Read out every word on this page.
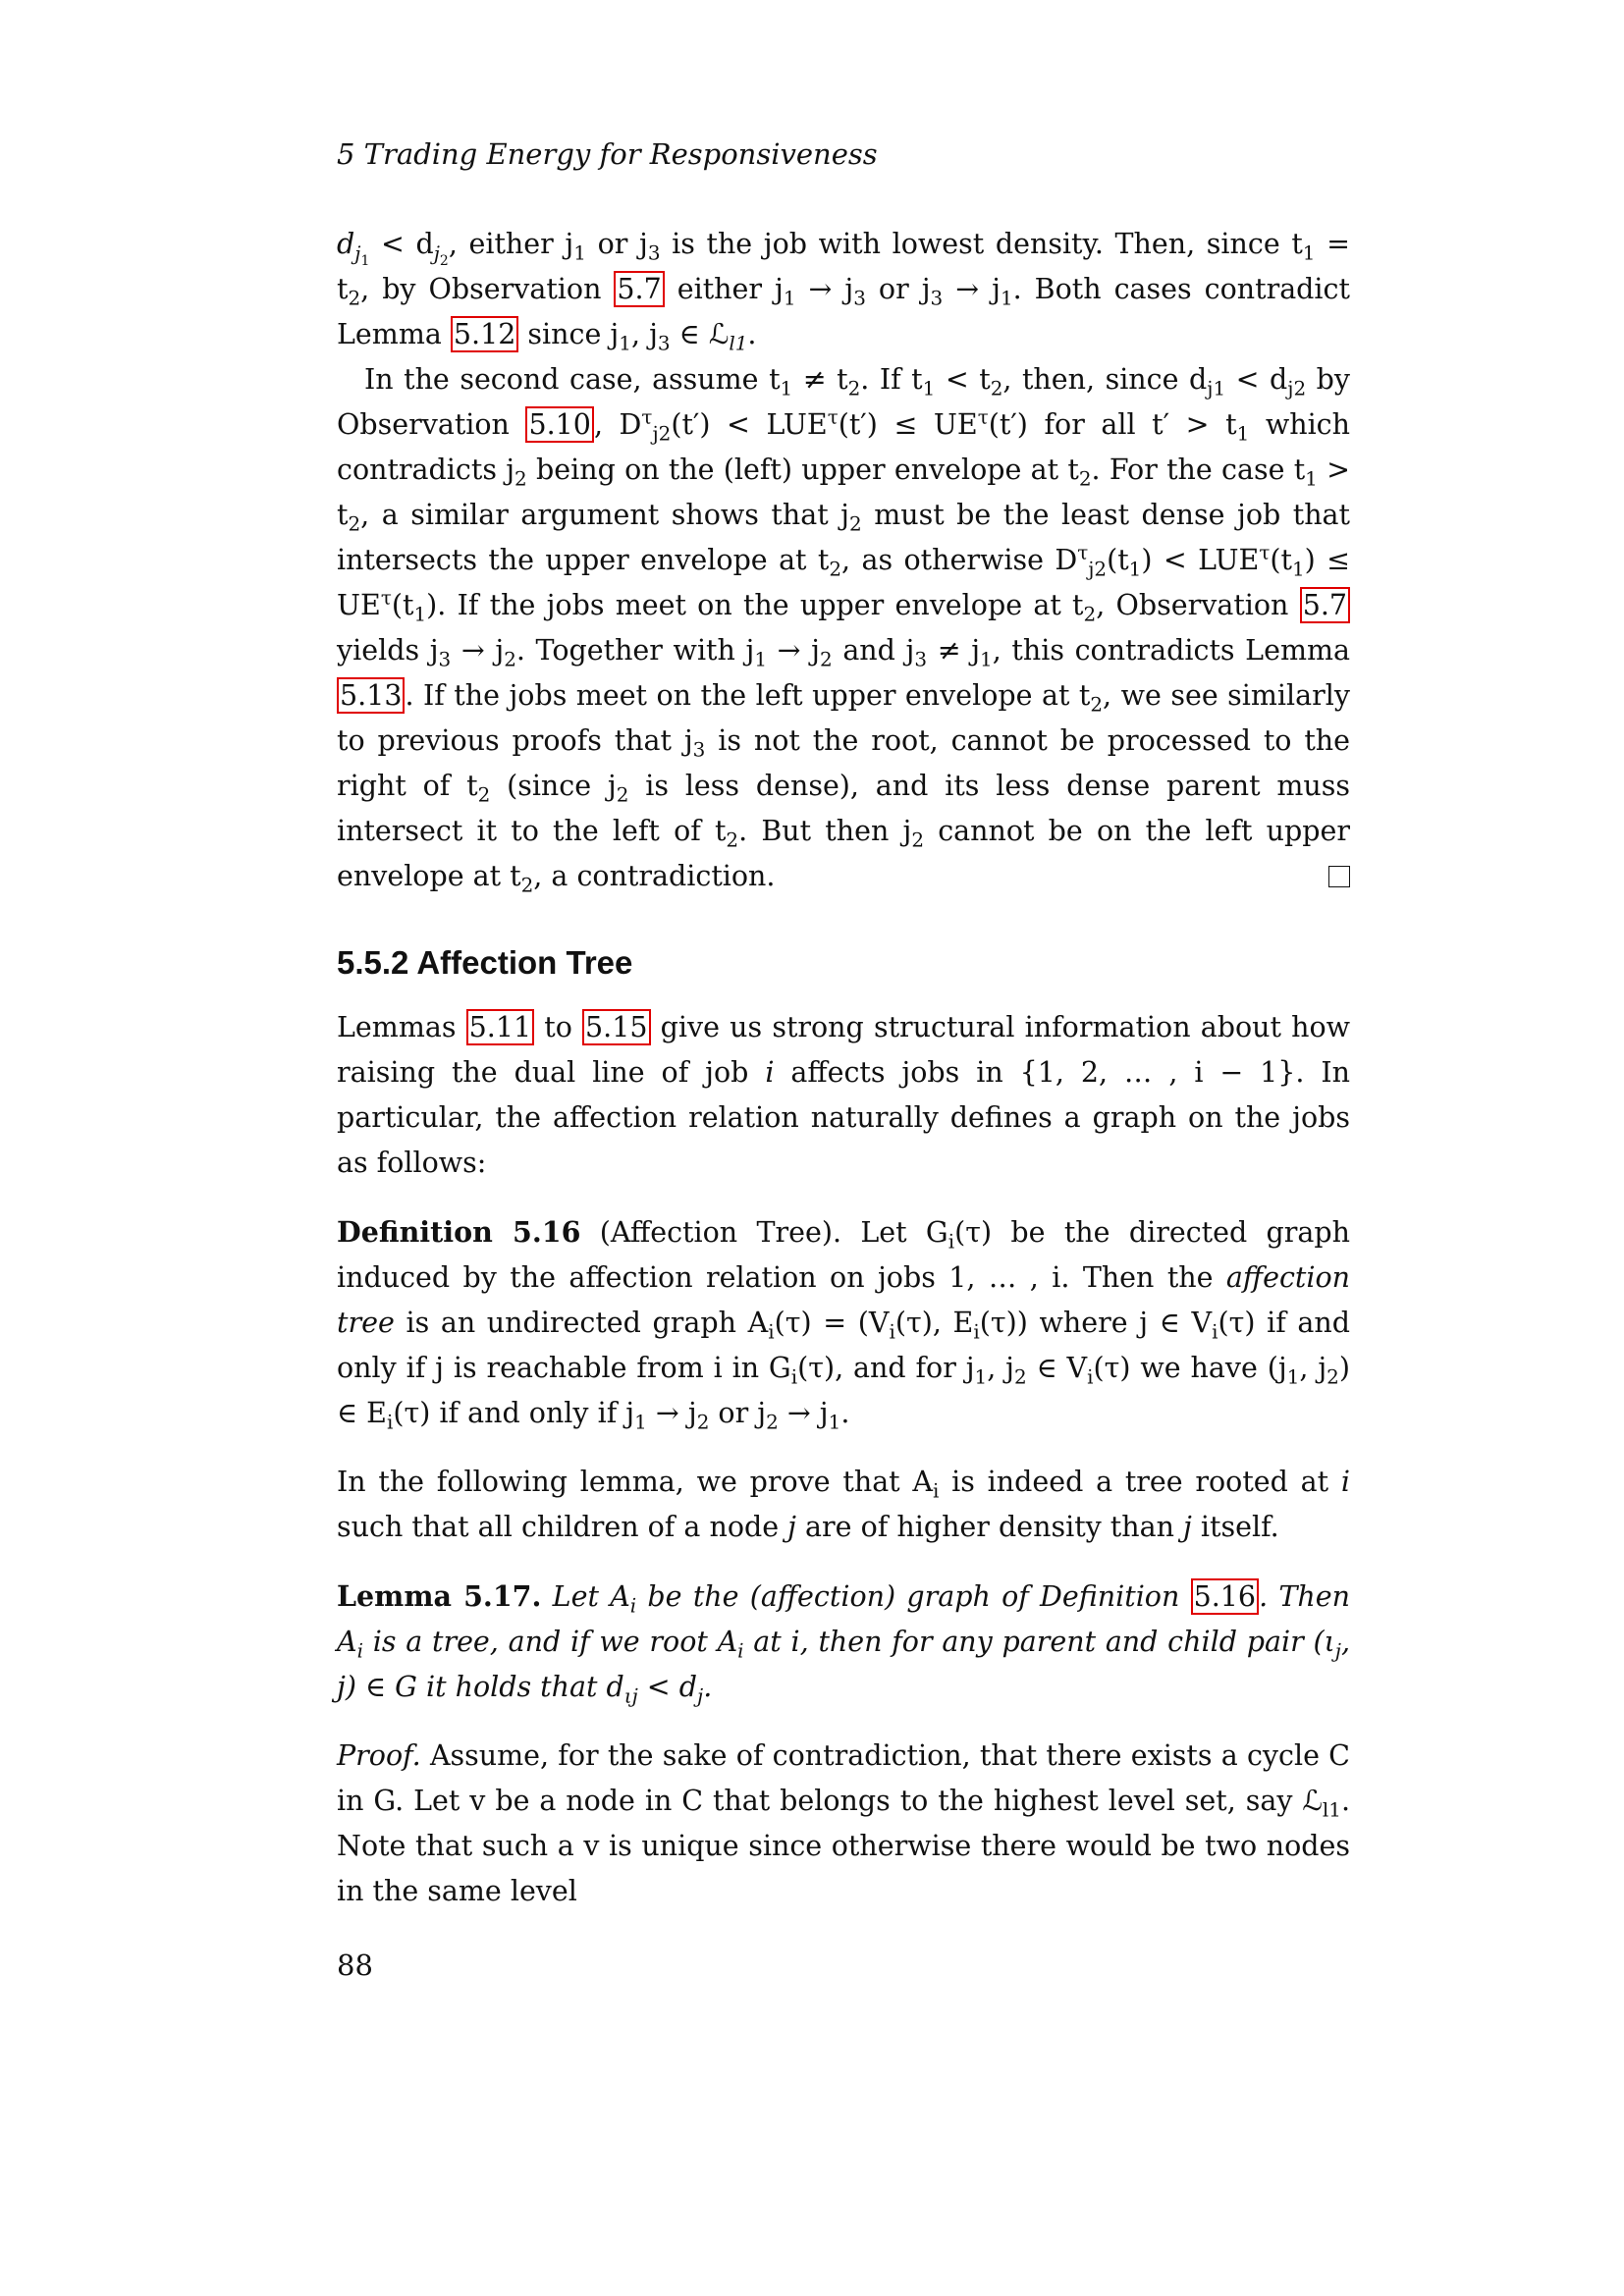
5 Trading Energy for Responsiveness

$d_{j_1} < d_{j_2}$, either $j_1$ or $j_3$ is the job with lowest density. Then, since $t_1 = t_2$, by Observation 5.7 either $j_1 \to j_3$ or $j_3 \to j_1$. Both cases contradict Lemma 5.12 since $j_1$, $j_3$ ∈ ℒ$_{l1}$.

In the second case, assume $t_1 \ne t_2$. If $t_1 < t_2$, then, since $d_{j1} < d_{j2}$ by Observation 5.10 , $D^\tau_{j2}(t') < LUE^\tau(t') \le UE^\tau(t')$ for all $t' > t_1$ which contradicts $j_2$ being on the (left) upper envelope at $t_2$. For the case $t_1 > t_2$, a similar argument shows that $j_2$ must be the least dense job that intersects the upper envelope at $t_2$, as otherwise $D^\tau_{j2}(t_1) < LUE^\tau(t_1) \le UE^\tau(t_1)$. If the jobs meet on the upper envelope at $t_2$, Observation 5.7 yields $j_3 \to j_2$. Together with $j_1 \to j_2$ and $j_3 \ne j_1$, this contradicts Lemma 5.13 . If the jobs meet on the left upper envelope at $t_2$, we see similarly to previous proofs that $j_3$ is not the root, cannot be processed to the right of $t_2$ (since $j_2$ is less dense), and its less dense parent muss intersect it to the left of $t_2$. But then $j_2$ cannot be on the left upper envelope at $t_2$, a contradiction.

5.5.2 Affection Tree

Lemmas 5.11 to 5.15 give us strong structural information about how raising the dual line of job i affects jobs in {1, 2, … , i − 1}. In particular, the affection relation naturally defines a graph on the jobs as follows:

Definition 5.16 (Affection Tree). Let $G_i(\tau)$ be the directed graph induced by the affection relation on jobs 1, … , i. Then the affection tree is an undirected graph $A_i(\tau) = (V_i(\tau)$, $E_i(\tau)$) where j ∈ $V_i(\tau)$ if and only if j is reachable from i in $G_i(\tau)$, and for $j_1$, $j_2$ ∈ $V_i(\tau)$ we have ($j_1$, $j_2$) ∈ $E_i(\tau)$ if and only if $j_1 \to j_2$ or $j_2 \to j_1$.

In the following lemma, we prove that $A_i$ is indeed a tree rooted at i such that all children of a node j are of higher density than j itself.

Lemma 5.17. Let $A_i$ be the (affection) graph of Definition 5.16 . Then $A_i$ is a tree, and if we root $A_i$ at i, then for any parent and child pair ($\iota_j$, j) ∈ G it holds that $d_{\iota j} < d_j$.

Proof. Assume, for the sake of contradiction, that there exists a cycle C in G. Let v be a node in C that belongs to the highest level set, say ℒ$_{l1}$. Note that such a v is unique since otherwise there would be two nodes in the same level

88
